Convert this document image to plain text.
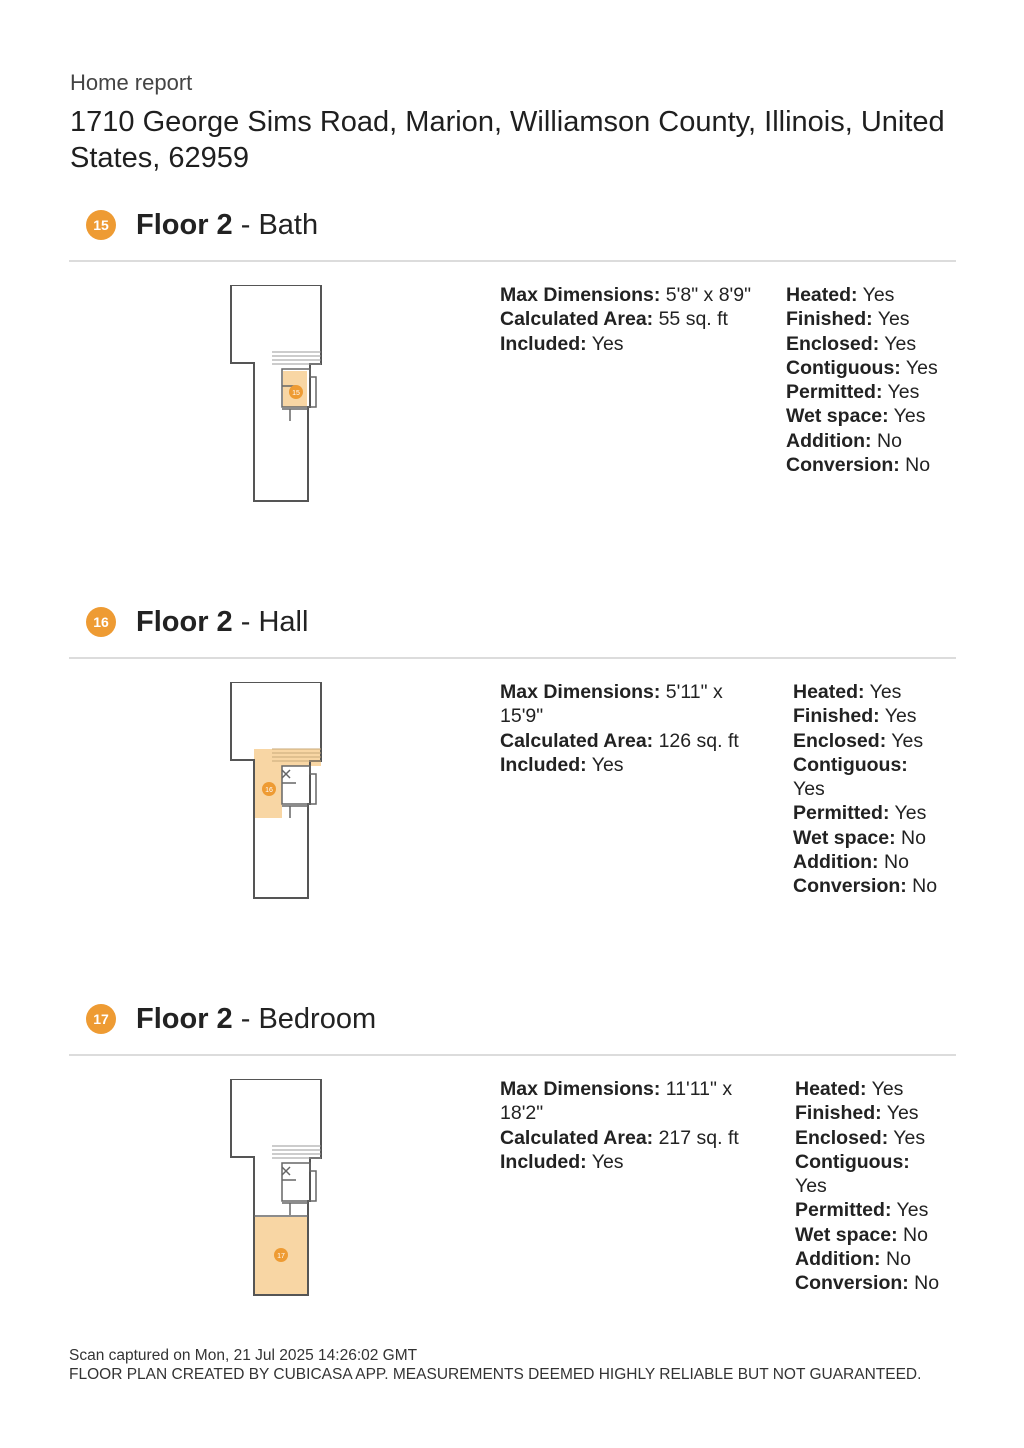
Home report
1710 George Sims Road, Marion, Williamson County, Illinois, United States, 62959
15 Floor 2 - Bath
15
Max Dimensions: 5'8" x 8'9"
Calculated Area: 55 sq. ft
Included: Yes
Heated: Yes
Finished: Yes
Enclosed: Yes
Contiguous: Yes
Permitted: Yes
Wet space: Yes
Addition: No
Conversion: No
16 Floor 2 - Hall
16
Max Dimensions: 5'11" x
15'9"
Calculated Area: 126 sq. ft
Included: Yes
Heated: Yes
Finished: Yes
Enclosed: Yes
Contiguous:
Yes
Permitted: Yes
Wet space: No
Addition: No
Conversion: No
17 Floor 2 - Bedroom
17
Max Dimensions: 11'11" x
18'2"
Calculated Area: 217 sq. ft
Included: Yes
Heated: Yes
Finished: Yes
Enclosed: Yes
Contiguous:
Yes
Permitted: Yes
Wet space: No
Addition: No
Conversion: No
Scan captured on Mon, 21 Jul 2025 14:26:02 GMT
FLOOR PLAN CREATED BY CUBICASA APP. MEASUREMENTS DEEMED HIGHLY RELIABLE BUT NOT GUARANTEED.
